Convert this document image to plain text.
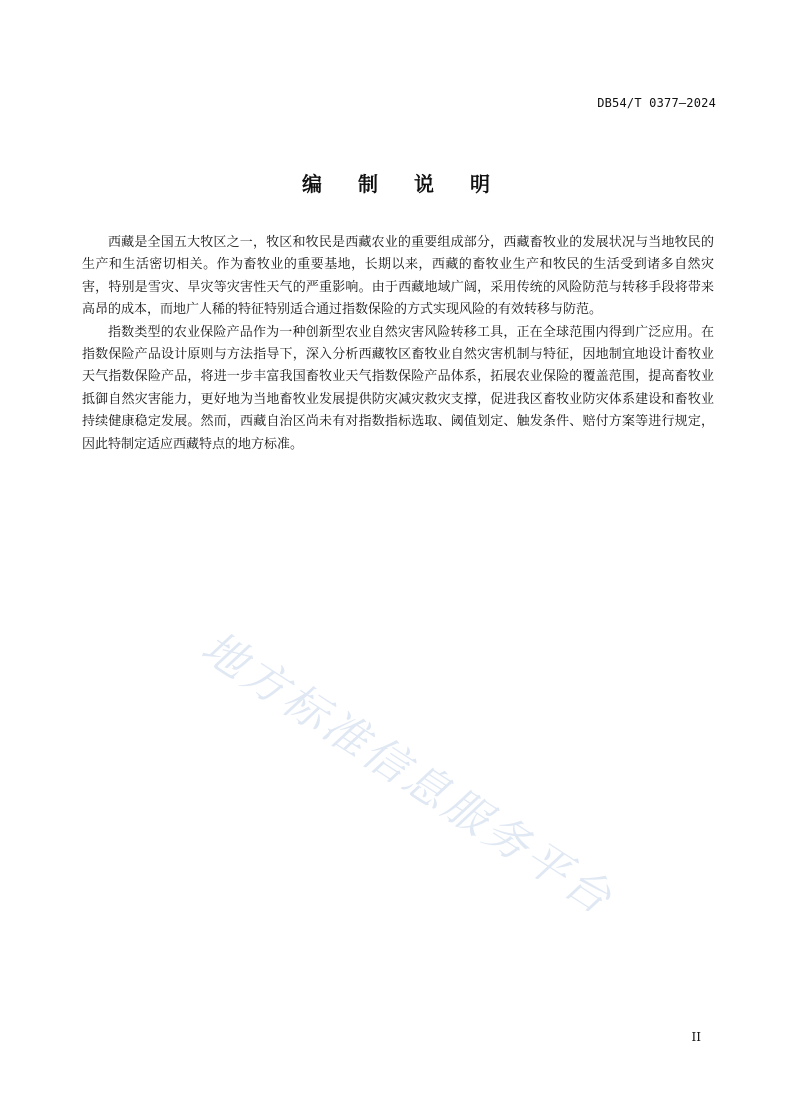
DB54/T 0377—2024
编制说明

西藏是全国五大牧区之一，牧区和牧民是西藏农业的重要组成部分，西藏畜牧业的发展状况与当地牧民的生产和生活密切相关。作为畜牧业的重要基地，长期以来，西藏的畜牧业生产和牧民的生活受到诸多自然灾害，特别是雪灾、旱灾等灾害性天气的严重影响。由于西藏地域广阔，采用传统的风险防范与转移手段将带来高昂的成本，而地广人稀的特征特别适合通过指数保险的方式实现风险的有效转移与防范。

指数类型的农业保险产品作为一种创新型农业自然灾害风险转移工具，正在全球范围内得到广泛应用。在指数保险产品设计原则与方法指导下，深入分析西藏牧区畜牧业自然灾害机制与特征，因地制宜地设计畜牧业天气指数保险产品，将进一步丰富我国畜牧业天气指数保险产品体系，拓展农业保险的覆盖范围，提高畜牧业抵御自然灾害能力，更好地为当地畜牧业发展提供防灾减灾救灾支撑，促进我区畜牧业防灾体系建设和畜牧业持续健康稳定发展。然而，西藏自治区尚未有对指数指标选取、阈值划定、触发条件、赔付方案等进行规定，因此特制定适应西藏特点的地方标准。

地方标准信息服务平台
II
